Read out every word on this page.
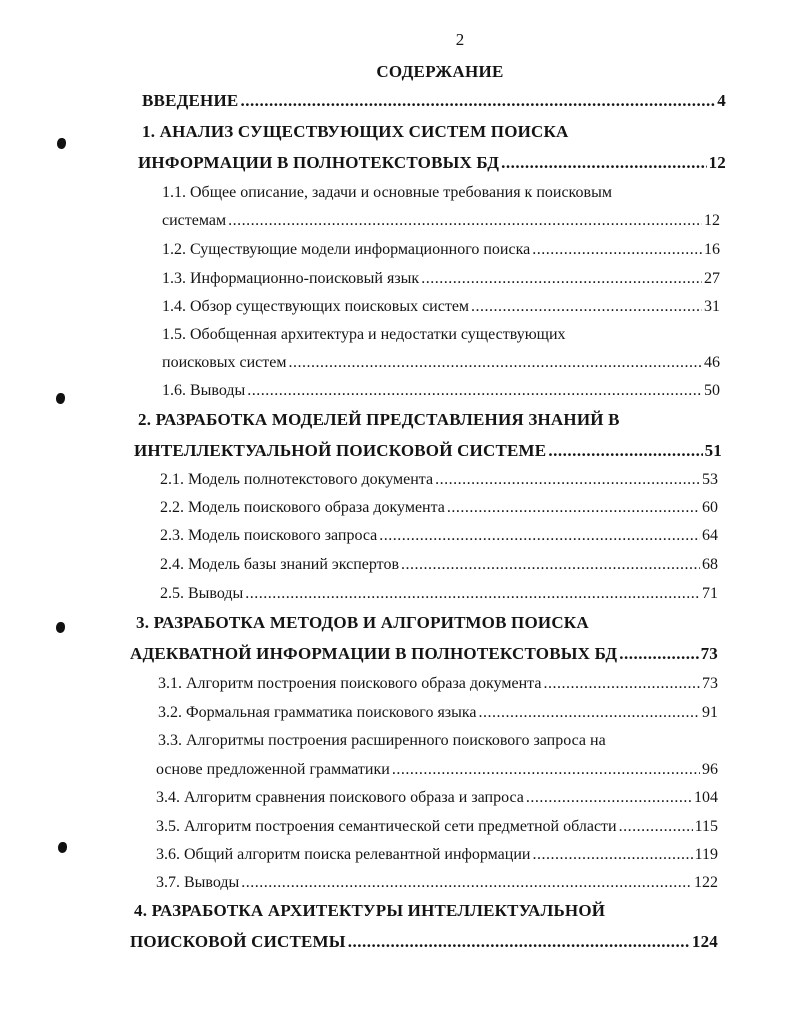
2
СОДЕРЖАНИЕ
ВВЕДЕНИЕ .....	4
1. АНАЛИЗ СУЩЕСТВУЮЩИХ СИСТЕМ ПОИСКА
ИНФОРМАЦИИ В ПОЛНОТЕКСТОВЫХ БД .....	12
1.1. Общее описание, задачи и основные требования к поисковым
системам .....	12
1.2. Существующие модели информационного поиска .....	16
1.3. Информационно-поисковый язык .....	27
1.4. Обзор существующих поисковых систем .....	31
1.5. Обобщенная архитектура и недостатки существующих
поисковых систем .....	46
1.6. Выводы .....	50
2. РАЗРАБОТКА МОДЕЛЕЙ ПРЕДСТАВЛЕНИЯ ЗНАНИЙ В
ИНТЕЛЛЕКТУАЛЬНОЙ ПОИСКОВОЙ СИСТЕМЕ .....	51
2.1. Модель полнотекстового документа .....	53
2.2. Модель поискового образа документа .....	60
2.3. Модель поискового запроса .....	64
2.4. Модель базы знаний экспертов .....	68
2.5. Выводы .....	71
3. РАЗРАБОТКА МЕТОДОВ И АЛГОРИТМОВ ПОИСКА
АДЕКВАТНОЙ ИНФОРМАЦИИ В ПОЛНОТЕКСТОВЫХ БД .....	73
3.1. Алгоритм построения поискового образа документа .....	73
3.2. Формальная грамматика поискового языка .....	91
3.3. Алгоритмы построения расширенного поискового запроса на
основе предложенной грамматики .....	96
3.4. Алгоритм сравнения поискового образа и запроса .....	104
3.5. Алгоритм построения семантической сети предметной области .....	115
3.6. Общий алгоритм поиска релевантной информации .....	119
3.7. Выводы .....	122
4. РАЗРАБОТКА АРХИТЕКТУРЫ ИНТЕЛЛЕКТУАЛЬНОЙ
ПОИСКОВОЙ СИСТЕМЫ .....	124
